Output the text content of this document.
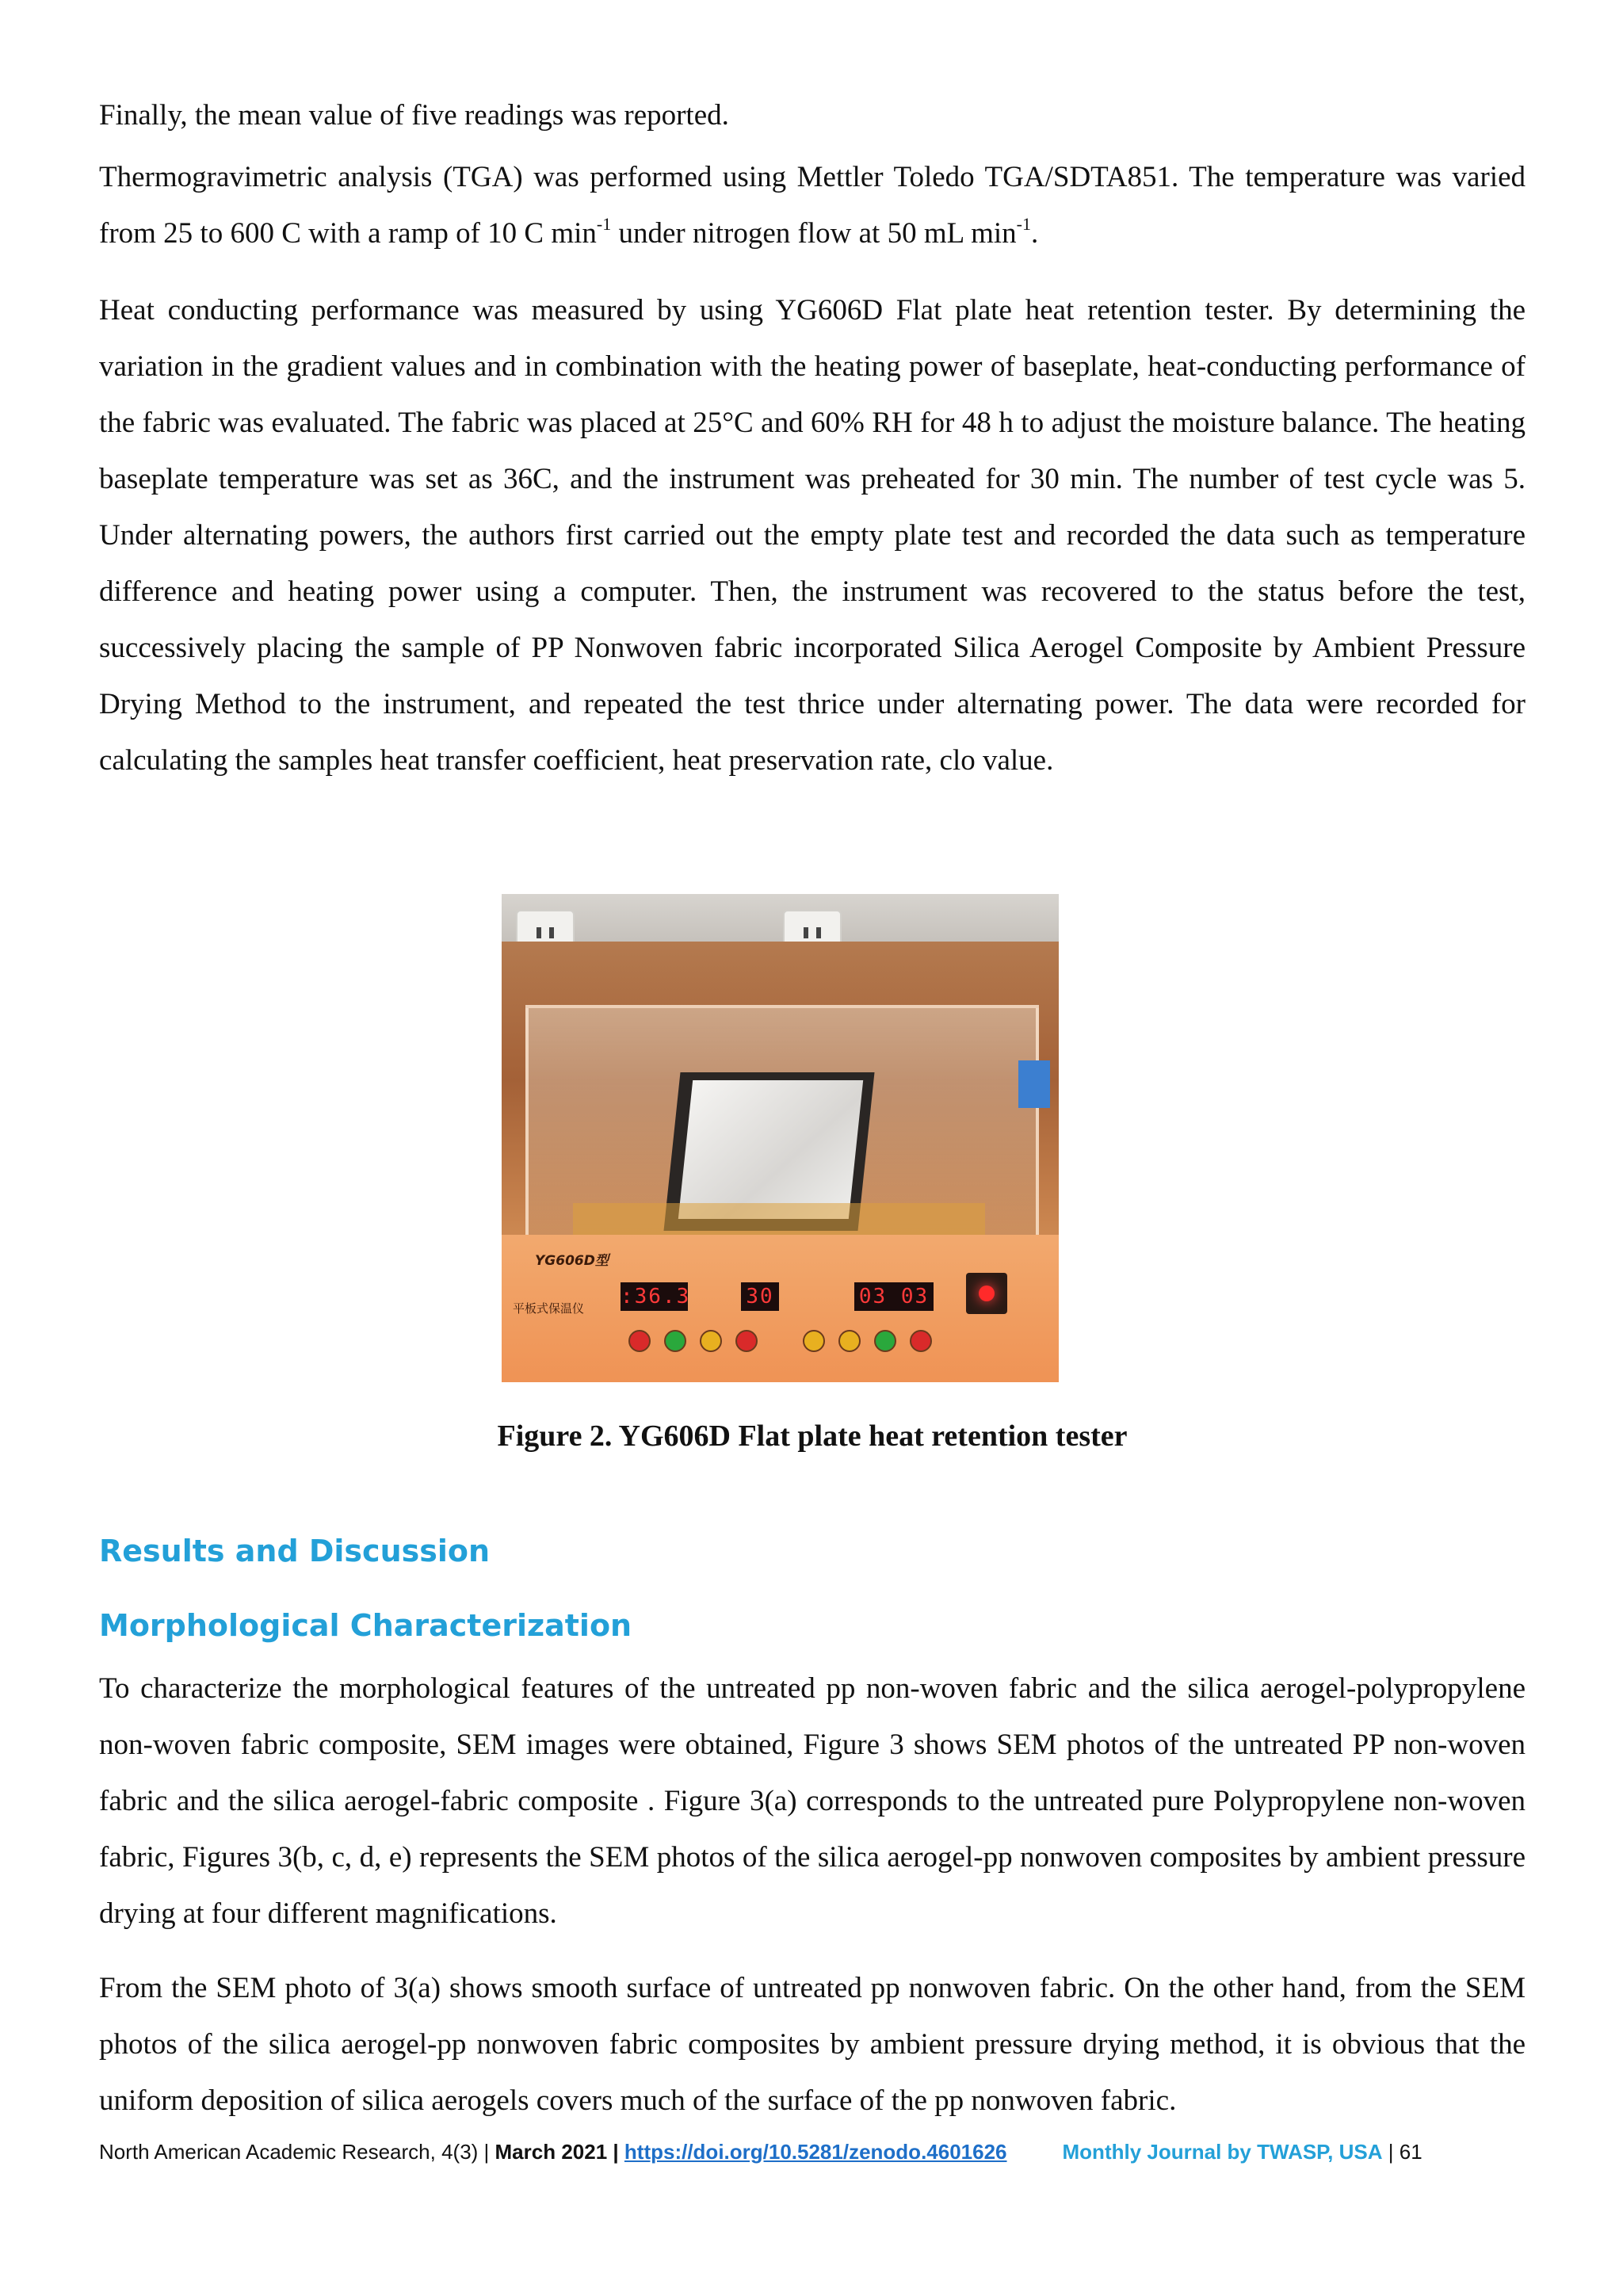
Finally, the mean value of five readings was reported.

Thermogravimetric analysis (TGA) was performed using Mettler Toledo TGA/SDTA851. The temperature was varied from 25 to 600 C with a ramp of 10 C $\min^{-1}$ under nitrogen flow at 50 mL $\min^{-1}$.

Heat conducting performance was measured by using YG606D Flat plate heat retention tester. By determining the variation in the gradient values and in combination with the heating power of baseplate, heat-conducting performance of the fabric was evaluated. The fabric was placed at 25°C and 60% RH for 48 h to adjust the moisture balance. The heating baseplate temperature was set as 36C, and the instrument was preheated for 30 min. The number of test cycle was 5. Under alternating powers, the authors first carried out the empty plate test and recorded the data such as temperature difference and heating power using a computer. Then, the instrument was recovered to the status before the test, successively placing the sample of PP Nonwoven fabric incorporated Silica Aerogel Composite by Ambient Pressure Drying Method to the instrument, and repeated the test thrice under alternating power. The data were recorded for calculating the samples heat transfer coefficient, heat preservation rate, clo value.

YG606D型
平板式保温仪 :36.3	30	03 03

Figure 2. YG606D Flat plate heat retention tester

Results and Discussion
Morphological Characterization

To characterize the morphological features of the untreated pp non-woven fabric and the silica aerogel-polypropylene non-woven fabric composite, SEM images were obtained, Figure 3 shows SEM photos of the untreated PP non-woven fabric and the silica aerogel-fabric composite . Figure 3(a) corresponds to the untreated pure Polypropylene non-woven fabric, Figures 3(b, c, d, e) represents the SEM photos of the silica aerogel-pp nonwoven composites by ambient pressure drying at four different magnifications.

From the SEM photo of 3(a) shows smooth surface of untreated pp nonwoven fabric. On the other hand, from the SEM photos of the silica aerogel-pp nonwoven fabric composites by ambient pressure drying method, it is obvious that the uniform deposition of silica aerogels covers much of the surface of the pp nonwoven fabric.

North American Academic Research, 4(3) | March 2021 | https://doi.org/10.5281/zenodo.4601626	Monthly Journal by TWASP, USA | 61
